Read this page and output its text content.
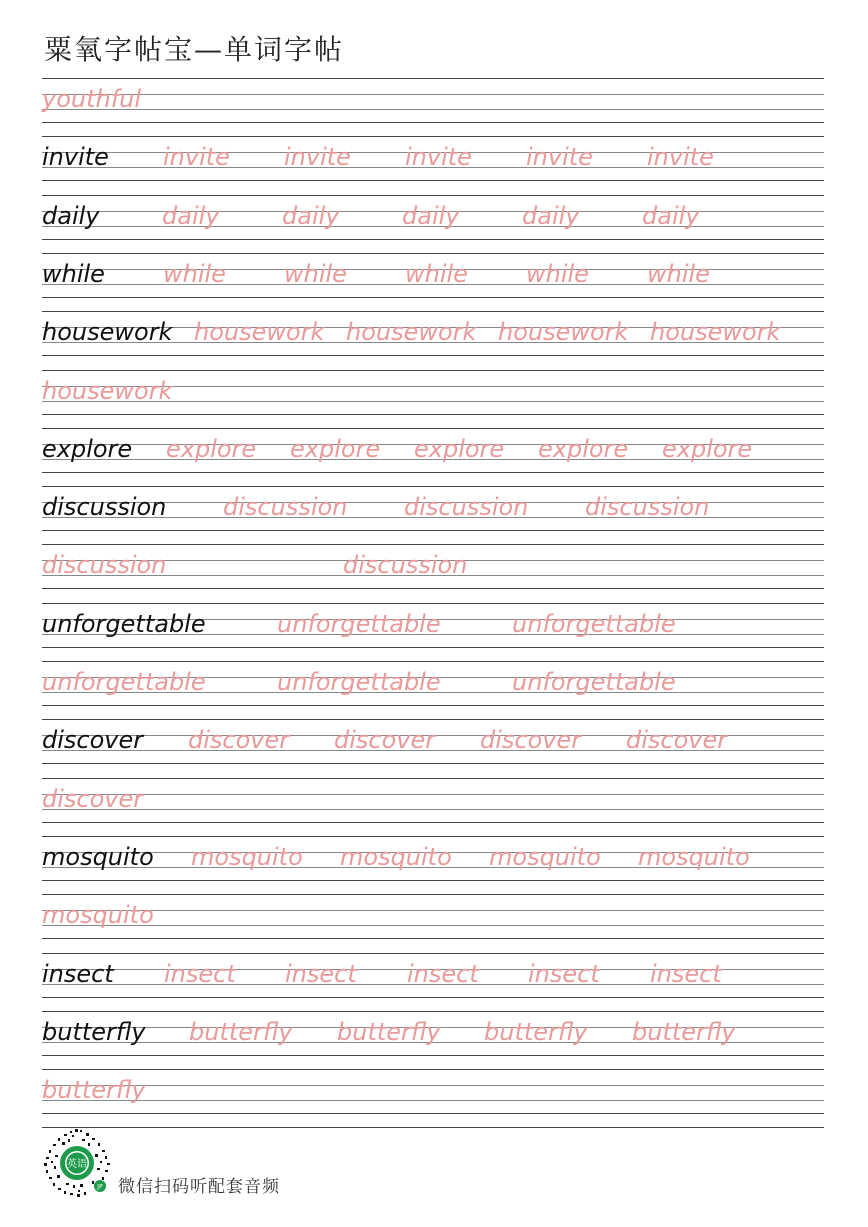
粟氧字帖宝—单词字帖
youthful
invite invite invite invite invite invite
daily	daily	daily	daily	daily	daily
while while while while while while
housework housework housework housework housework
housework
explore explore explore explore explore explore
discussion discussion discussion discussion
discussion	discussion
unforgettable	unforgettable	unforgettable
unforgettable	unforgettable	unforgettable
discover discover discover discover discover
discover
mosquito mosquito mosquito mosquito mosquito
mosquito
insect insect insect insect insect insect
butterfly butterfly butterfly butterfly butterfly
butterfly
英语
JP 微信扫码听配套音频
